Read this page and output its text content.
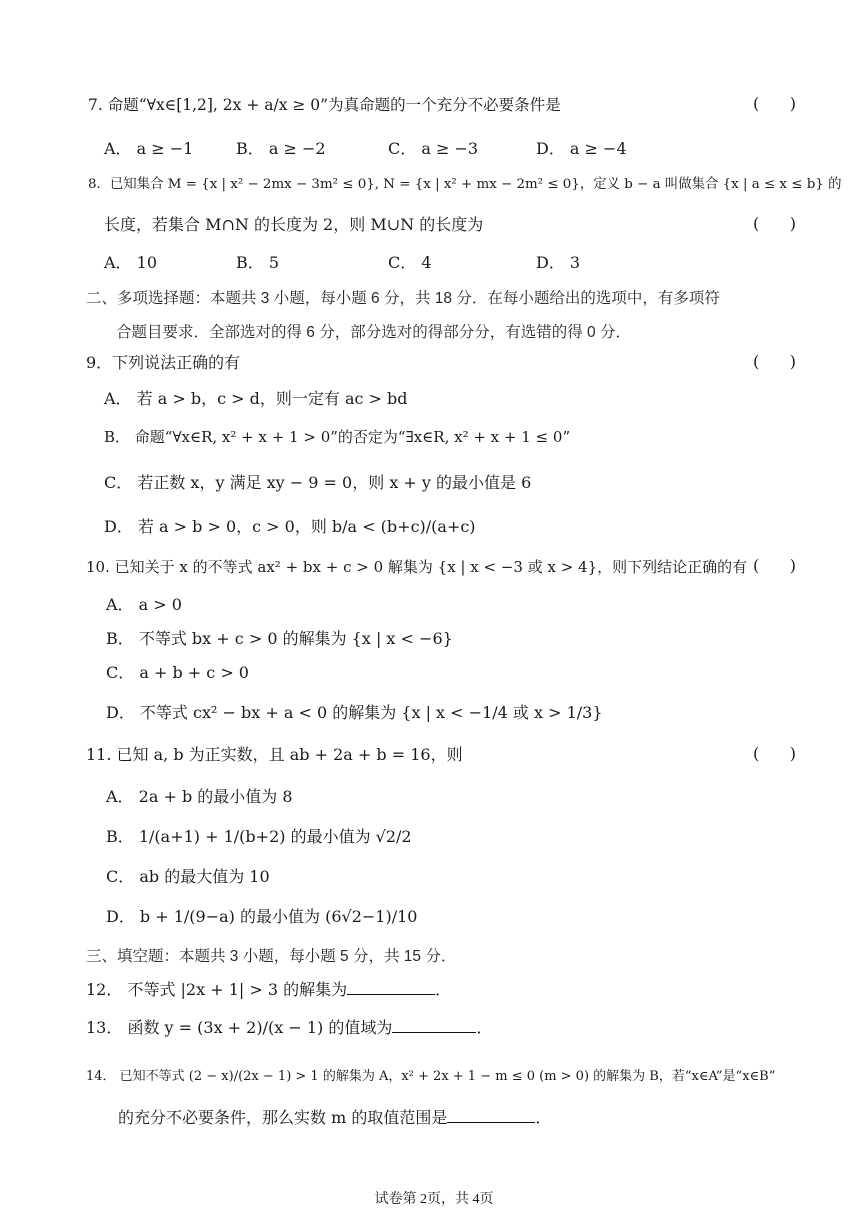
7. 命题“∀x∈[1,2], 2x + a/x ≥ 0”为真命题的一个充分不必要条件是	(      )
A． a ≥ −1	B． a ≥ −2	C． a ≥ −3	D． a ≥ −4
8．已知集合 M = {x | x² − 2mx − 3m² ≤ 0}, N = {x | x² + mx − 2m² ≤ 0}，定义 b − a 叫做集合 {x | a ≤ x ≤ b} 的
长度，若集合 M∩N 的长度为 2，则 M∪N 的长度为	(      )
A． 10	B． 5	C． 4	D． 3
二、多项选择题：本题共 3 小题，每小题 6 分，共 18 分．在每小题给出的选项中，有多项符
合题目要求．全部选对的得 6 分，部分选对的得部分分，有选错的得 0 分．
9．下列说法正确的有	(      )
A． 若 a > b，c > d，则一定有 ac > bd
B． 命题“∀x∈R, x² + x + 1 > 0”的否定为“∃x∈R, x² + x + 1 ≤ 0”
C． 若正数 x，y 满足 xy − 9 = 0，则 x + y 的最小值是 6
D． 若 a > b > 0，c > 0，则 b/a < (b+c)/(a+c)
10. 已知关于 x 的不等式 ax² + bx + c > 0 解集为 {x | x < −3 或 x > 4}，则下列结论正确的有 (      )
A． a > 0
B． 不等式 bx + c > 0 的解集为 {x | x < −6}
C． a + b + c > 0
D． 不等式 cx² − bx + a < 0 的解集为 {x | x < −1/4 或 x > 1/3}
11. 已知 a, b 为正实数，且 ab + 2a + b = 16，则	(      )
A． 2a + b 的最小值为 8
B． 1/(a+1) + 1/(b+2) 的最小值为 √2/2
C． ab 的最大值为 10
D． b + 1/(9−a) 的最小值为 (6√2−1)/10
三、填空题：本题共 3 小题，每小题 5 分，共 15 分．
12． 不等式 |2x + 1| > 3 的解集为	．
13． 函数 y = (3x + 2)/(x − 1) 的值域为	．
14． 已知不等式 (2 − x)/(2x − 1) > 1 的解集为 A，x² + 2x + 1 − m ≤ 0 (m > 0) 的解集为 B，若“x∈A”是“x∈B”
的充分不必要条件，那么实数 m 的取值范围是	．
试卷第 2页，共 4页
